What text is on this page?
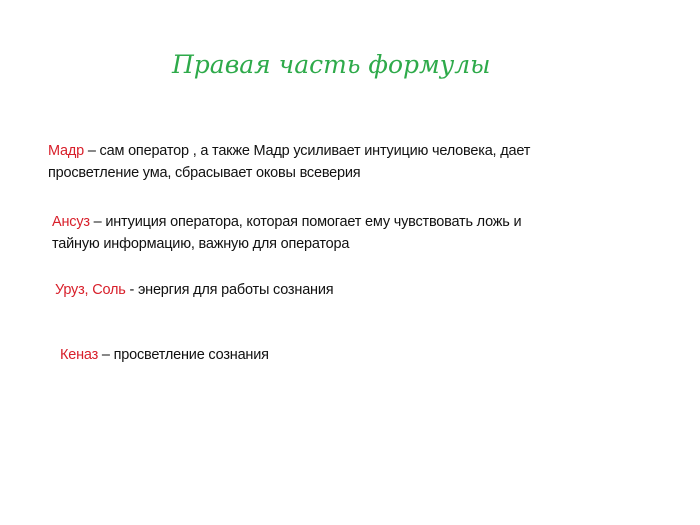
Правая часть формулы
Мадр – сам оператор , а также Мадр усиливает интуицию человека, дает просветление ума, сбрасывает оковы всеверия
Ансуз – интуиция оператора, которая помогает ему чувствовать ложь и тайную информацию, важную для оператора
Уруз, Соль - энергия для работы сознания
Кеназ – просветление сознания
